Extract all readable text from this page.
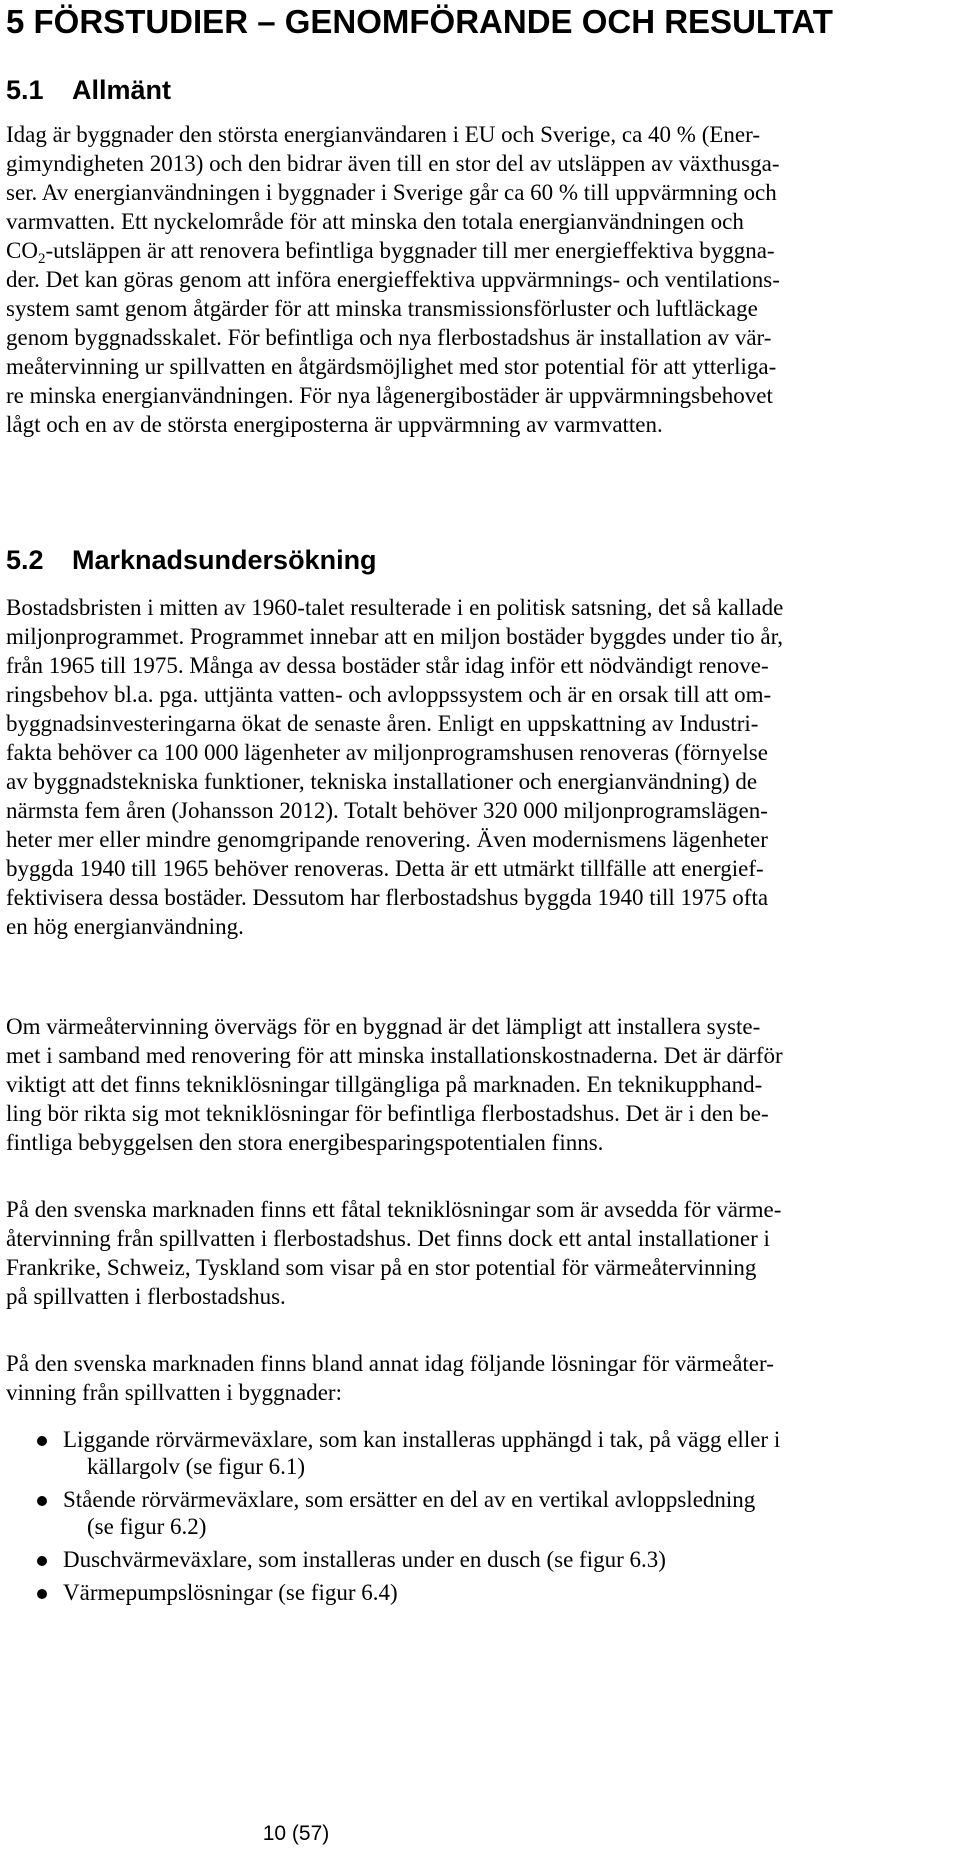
5 FÖRSTUDIER – GENOMFÖRANDE OCH RESULTAT
5.1 Allmänt

Idag är byggnader den största energianvändaren i EU och Sverige, ca 40 % (Ener-
gimyndigheten 2013) och den bidrar även till en stor del av utsläppen av växthusga-
ser. Av energianvändningen i byggnader i Sverige går ca 60 % till uppvärmning och
varmvatten. Ett nyckelområde för att minska den totala energianvändningen och
$CO_2$-utsläppen är att renovera befintliga byggnader till mer energieffektiva byggna-
der. Det kan göras genom att införa energieffektiva uppvärmnings- och ventilations-
system samt genom åtgärder för att minska transmissionsförluster och luftläckage
genom byggnadsskalet. För befintliga och nya flerbostadshus är installation av vär-
meåtervinning ur spillvatten en åtgärdsmöjlighet med stor potential för att ytterliga-
re minska energianvändningen. För nya lågenergibostäder är uppvärmningsbehovet
lågt och en av de största energiposterna är uppvärmning av varmvatten.

5.2 Marknadsundersökning

Bostadsbristen i mitten av 1960-talet resulterade i en politisk satsning, det så kallade
miljonprogrammet. Programmet innebar att en miljon bostäder byggdes under tio år,
från 1965 till 1975. Många av dessa bostäder står idag inför ett nödvändigt renove-
ringsbehov bl.a. pga. uttjänta vatten- och avloppssystem och är en orsak till att om-
byggnadsinvesteringarna ökat de senaste åren. Enligt en uppskattning av Industri-
fakta behöver ca 100 000 lägenheter av miljonprogramshusen renoveras (förnyelse
av byggnadstekniska funktioner, tekniska installationer och energianvändning) de
närmsta fem åren (Johansson 2012). Totalt behöver 320 000 miljonprogramslägen-
heter mer eller mindre genomgripande renovering. Även modernismens lägenheter
byggda 1940 till 1965 behöver renoveras. Detta är ett utmärkt tillfälle att energief-
fektivisera dessa bostäder. Dessutom har flerbostadshus byggda 1940 till 1975 ofta
en hög energianvändning.

Om värmeåtervinning övervägs för en byggnad är det lämpligt att installera syste-
met i samband med renovering för att minska installationskostnaderna. Det är därför
viktigt att det finns tekniklösningar tillgängliga på marknaden. En teknikupphand-
ling bör rikta sig mot tekniklösningar för befintliga flerbostadshus. Det är i den be-
fintliga bebyggelsen den stora energibesparingspotentialen finns.

På den svenska marknaden finns ett fåtal tekniklösningar som är avsedda för värme-
återvinning från spillvatten i flerbostadshus. Det finns dock ett antal installationer i
Frankrike, Schweiz, Tyskland som visar på en stor potential för värmeåtervinning
på spillvatten i flerbostadshus.

På den svenska marknaden finns bland annat idag följande lösningar för värmeåter-
vinning från spillvatten i byggnader:

Liggande rörvärmeväxlare, som kan installeras upphängd i tak, på vägg eller i
källargolv (se figur 6.1)
Stående rörvärmeväxlare, som ersätter en del av en vertikal avloppsledning
(se figur 6.2)
Duschvärmeväxlare, som installeras under en dusch (se figur 6.3)
Värmepumpslösningar (se figur 6.4)
10 (57)
